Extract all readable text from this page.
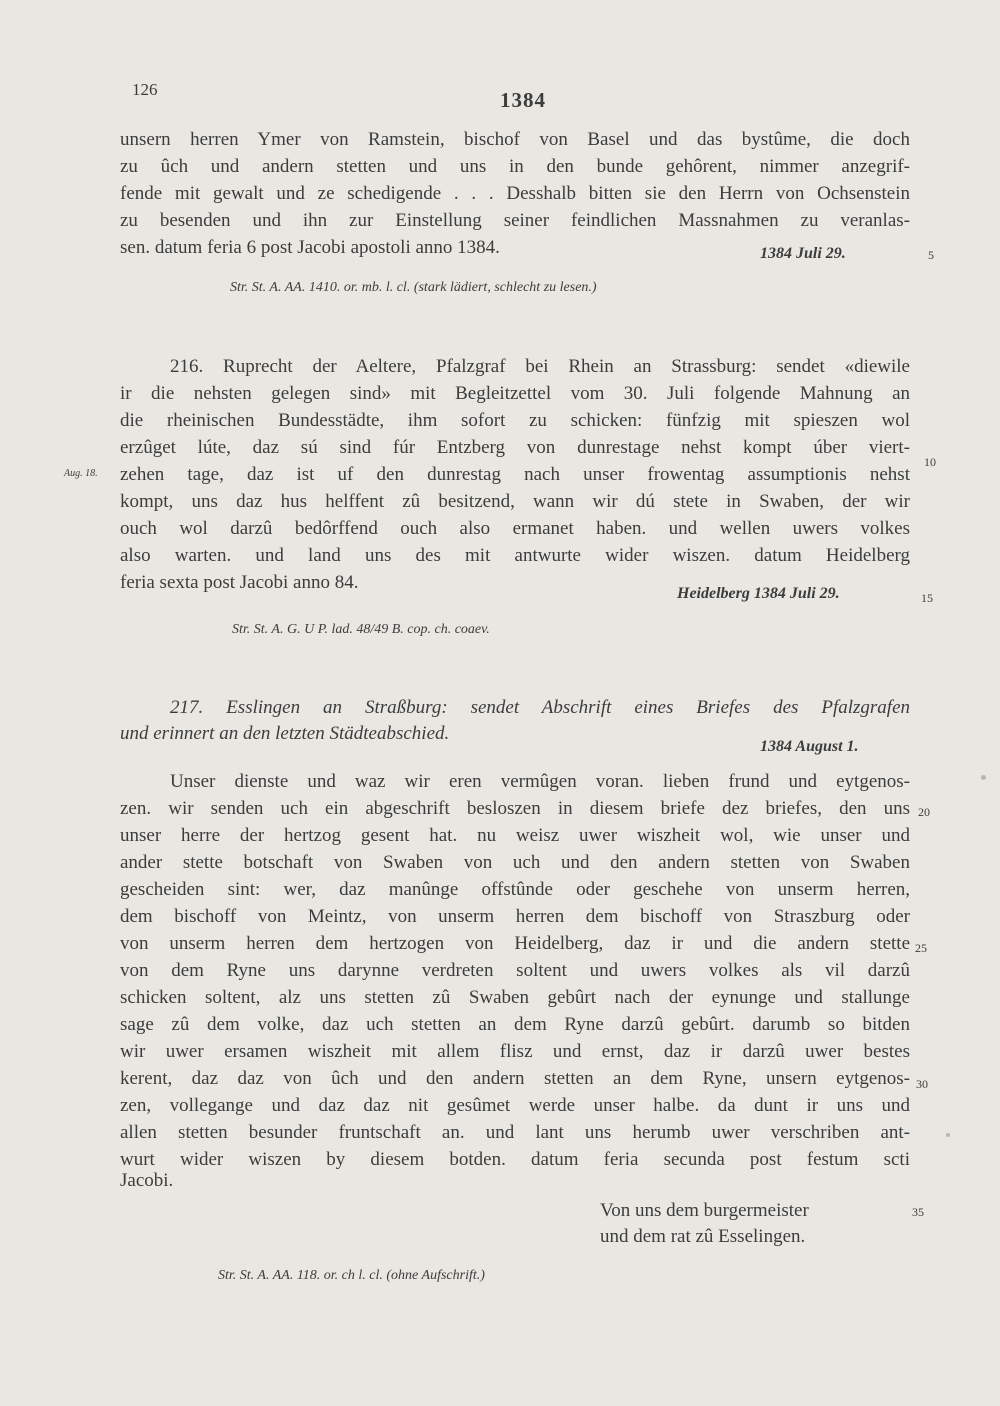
126	1384
unsern herren Ymer von Ramstein, bischof von Basel und das bystûme, die doch
zu ûch und andern stetten und uns in den bunde gehôrent, nimmer anzegrif-
fende mit gewalt und ze schedigende . . . Desshalb bitten sie den Herrn von Ochsenstein
zu besenden und ihn zur Einstellung seiner feindlichen Massnahmen zu veranlas-
sen. datum feria 6 post Jacobi apostoli anno 1384.	1384 Juli 29.	5
Str. St. A. AA. 1410. or. mb. l. cl. (stark lädiert, schlecht zu lesen.)
216. Ruprecht der Aeltere, Pfalzgraf bei Rhein an Strassburg: sendet «diewile
ir die nehsten gelegen sind» mit Begleitzettel vom 30. Juli folgende Mahnung an
die rheinischen Bundesstädte, ihm sofort zu schicken: fünfzig mit spieszen wol
erzûget lúte, daz sú sind fúr Entzberg von dunrestage nehst kompt úber viert-
zehen tage, daz ist uf den dunrestag nach unser frowentag assumptionis nehst
kompt, uns daz hus helffent zû besitzend, wann wir dú stete in Swaben, der wir
ouch wol darzû bedôrffend ouch also ermanet haben. und wellen uwers volkes
also warten. und land uns des mit antwurte wider wiszen. datum Heidelberg
feria sexta post Jacobi anno 84.
Aug. 18.
Heidelberg 1384 Juli 29.
10
15
Str. St. A. G. U P. lad. 48/49 B. cop. ch. coaev.
217. Esslingen an Straßburg: sendet Abschrift eines Briefes des Pfalzgrafen
und erinnert an den letzten Städteabschied.
1384 August 1.
Unser dienste und waz wir eren vermûgen voran. lieben frund und eytgenos-
zen. wir senden uch ein abgeschrift besloszen in diesem briefe dez briefes, den uns
unser herre der hertzog gesent hat. nu weisz uwer wiszheit wol, wie unser und
ander stette botschaft von Swaben von uch und den andern stetten von Swaben
gescheiden sint: wer, daz manûnge offstûnde oder geschehe von unserm herren,
dem bischoff von Meintz, von unserm herren dem bischoff von Straszburg oder
von unserm herren dem hertzogen von Heidelberg, daz ir und die andern stette
von dem Ryne uns darynne verdreten soltent und uwers volkes als vil darzû
schicken soltent, alz uns stetten zû Swaben gebûrt nach der eynunge und stallunge
sage zû dem volke, daz uch stetten an dem Ryne darzû gebûrt. darumb so bitden
wir uwer ersamen wiszheit mit allem flisz und ernst, daz ir darzû uwer bestes
kerent, daz daz von ûch und den andern stetten an dem Ryne, unsern eytgenos-
zen, vollegange und daz daz nit gesûmet werde unser halbe. da dunt ir uns und
allen stetten besunder fruntschaft an. und lant uns herumb uwer verschriben ant-
wurt wider wiszen by diesem botden. datum feria secunda post festum scti
Jacobi.
Von uns dem burgermeister
und dem rat zû Esselingen.
20
25
30
35
Str. St. A. AA. 118. or. ch l. cl. (ohne Aufschrift.)
